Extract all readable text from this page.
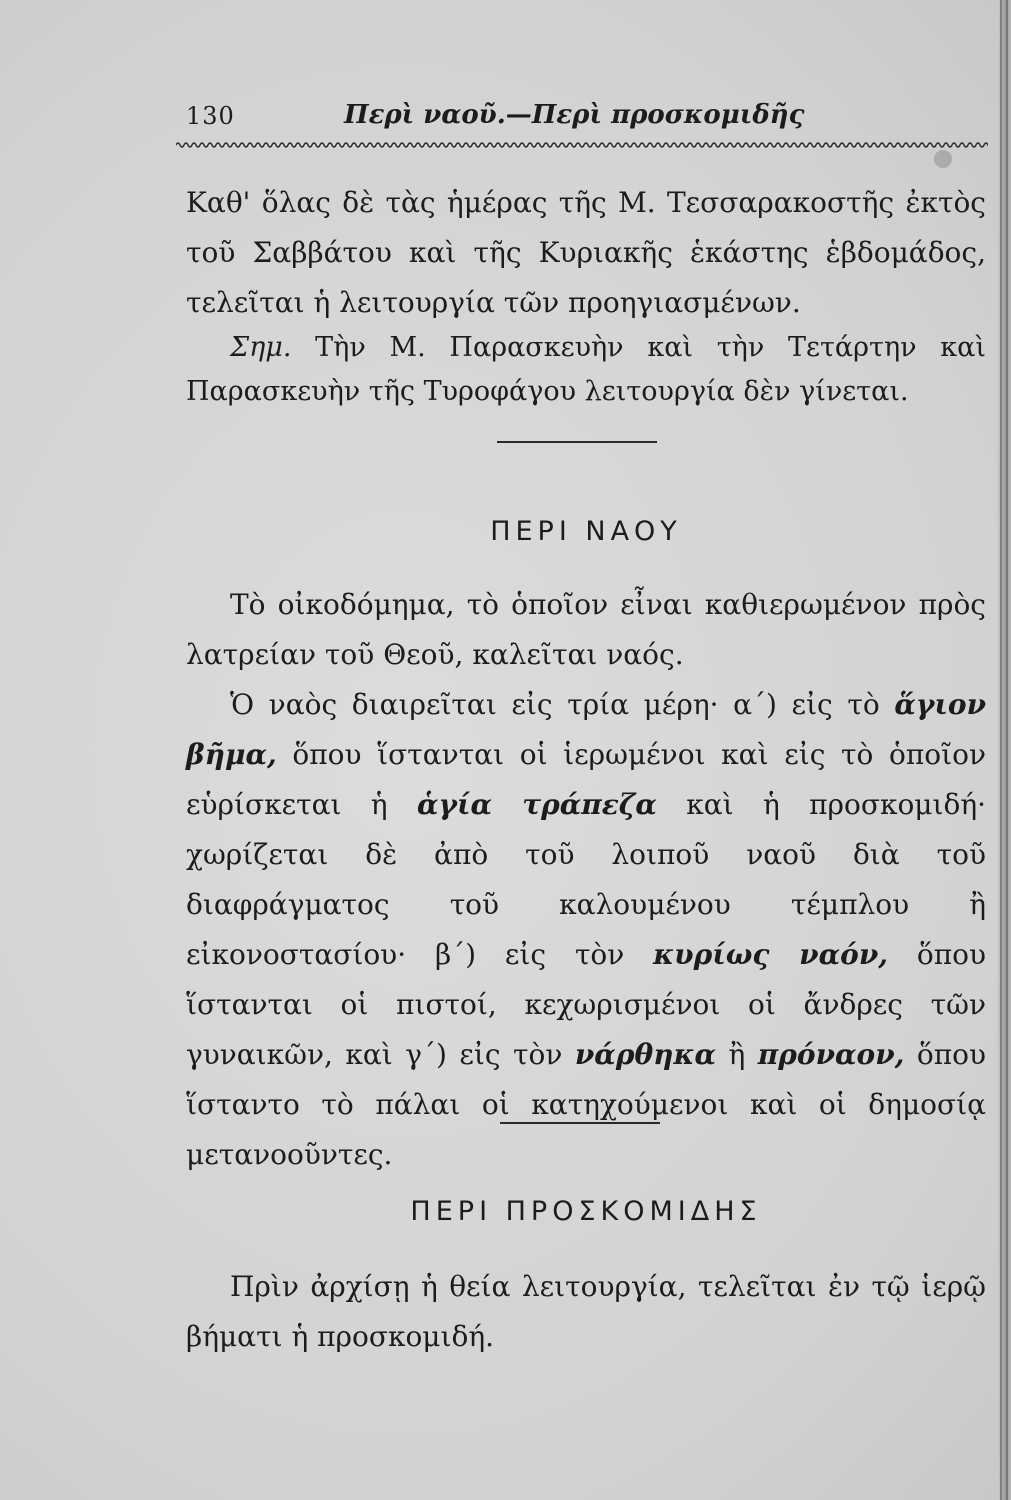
130	Περὶ ναοῦ.—Περὶ προσκομιδῆς

Καθ' ὅλας δὲ τὰς ἡμέρας τῆς Μ. Τεσσαρακοστῆς ἐκτὸς τοῦ Σαββάτου καὶ τῆς Κυριακῆς ἑκάστης ἑβδομάδος, τελεῖται ἡ λειτουργία τῶν προηγιασμένων.

Σημ. Τὴν Μ. Παρασκευὴν καὶ τὴν Τετάρτην καὶ Παρασκευὴν τῆς Τυροφάγου λειτουργία δὲν γίνεται.

ΠΕΡΙ ΝΑΟΥ

Τὸ οἰκοδόμημα, τὸ ὁποῖον εἶναι καθιερωμένον πρὸς λατρείαν τοῦ Θεοῦ, καλεῖται ναός.

Ὁ ναὸς διαιρεῖται εἰς τρία μέρη· α΄) εἰς τὸ ἅγιον βῆμα, ὅπου ἵστανται οἱ ἱερωμένοι καὶ εἰς τὸ ὁποῖον εὑρίσκεται ἡ ἁγία τράπεζα καὶ ἡ προσκομιδή· χωρίζεται δὲ ἀπὸ τοῦ λοιποῦ ναοῦ διὰ τοῦ διαφράγματος τοῦ καλουμένου τέμπλου ἢ εἰκονοστασίου· β΄) εἰς τὸν κυρίως ναόν, ὅπου ἵστανται οἱ πιστοί, κεχωρισμένοι οἱ ἄνδρες τῶν γυναικῶν, καὶ γ΄) εἰς τὸν νάρθηκα ἢ πρόναον, ὅπου ἵσταντο τὸ πάλαι οἱ κατηχούμενοι καὶ οἱ δημοσίᾳ μετανοοῦντες.

ΠΕΡΙ ΠΡΟΣΚΟΜΙΔΗΣ

Πρὶν ἀρχίσῃ ἡ θεία λειτουργία, τελεῖται ἐν τῷ ἱερῷ βήματι ἡ προσκομιδή.
